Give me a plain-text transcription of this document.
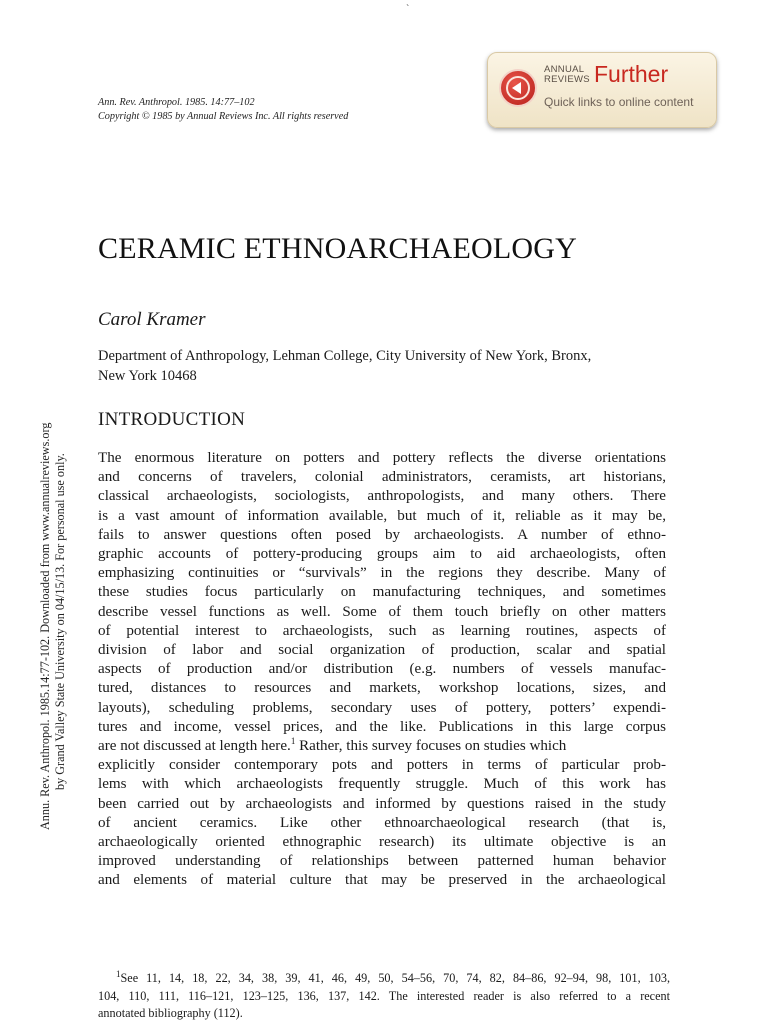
`
Ann. Rev. Anthropol. 1985. 14:77–102
Copyright © 1985 by Annual Reviews Inc. All rights reserved
ANNUAL
REVIEWS Further
Quick links to online content
Annu. Rev. Anthropol. 1985.14:77-102. Downloaded from www.annualreviews.org by Grand Valley State University on 04/15/13. For personal use only.
CERAMIC ETHNOARCHAEOLOGY
Carol Kramer
Department of Anthropology, Lehman College, City University of New York, Bronx,
New York 10468
INTRODUCTION
The enormous literature on potters and pottery reflects the diverse orientations
and concerns of travelers, colonial administrators, ceramists, art historians,
classical archaeologists, sociologists, anthropologists, and many others. There
is a vast amount of information available, but much of it, reliable as it may be,
fails to answer questions often posed by archaeologists. A number of ethno-
graphic accounts of pottery-producing groups aim to aid archaeologists, often
emphasizing continuities or “survivals” in the regions they describe. Many of
these studies focus particularly on manufacturing techniques, and sometimes
describe vessel functions as well. Some of them touch briefly on other matters
of potential interest to archaeologists, such as learning routines, aspects of
division of labor and social organization of production, scalar and spatial
aspects of production and/or distribution (e.g. numbers of vessels manufac-
tured, distances to resources and markets, workshop locations, sizes, and
layouts), scheduling problems, secondary uses of pottery, potters’ expendi-
tures and income, vessel prices, and the like. Publications in this large corpus
are not discussed at length here.$^1$ Rather, this survey focuses on studies which
explicitly consider contemporary pots and potters in terms of particular prob-
lems with which archaeologists frequently struggle. Much of this work has
been carried out by archaeologists and informed by questions raised in the study
of ancient ceramics. Like other ethnoarchaeological research (that is,
archaeologically oriented ethnographic research) its ultimate objective is an
improved understanding of relationships between patterned human behavior
and elements of material culture that may be preserved in the archaeological
$^1$See 11, 14, 18, 22, 34, 38, 39, 41, 46, 49, 50, 54–56, 70, 74, 82, 84–86, 92–94, 98, 101, 103,
104, 110, 111, 116–121, 123–125, 136, 137, 142. The interested reader is also referred to a recent
annotated bibliography (112).
